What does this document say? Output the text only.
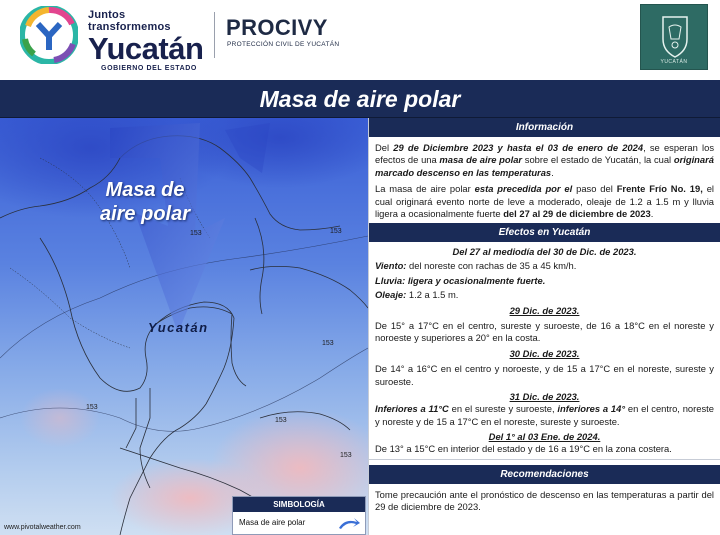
Juntos transformemos
Yucatán
GOBIERNO DEL ESTADO
PROCIVY
PROTECCIÓN CIVIL DE YUCATÁN
YUCATÁN
Masa de aire polar
Masa de
aire polar
Yucatán
153	153
153
153
153
153
www.pivotalweather.com
SIMBOLOGÍA
Masa de aire polar
Información

Del 29 de Diciembre 2023 y hasta el 03 de enero de 2024, se esperan los efectos de una masa de aire polar sobre el estado de Yucatán, la cual originará marcado descenso en las temperaturas.

La masa de aire polar esta precedida por el paso del Frente Frío No. 19, el cual originará evento norte de leve a moderado, oleaje de 1.2 a 1.5 m y lluvia ligera a ocasionalmente fuerte del 27 al 29 de diciembre de 2023.

Efectos en Yucatán
Del 27 al mediodía del 30 de Dic. de 2023.

Viento: del noreste con rachas de 35 a 45 km/h.

Lluvia: ligera y ocasionalmente fuerte.

Oleaje: 1.2 a 1.5 m.

29 Dic. de 2023.

De 15° a 17°C en el centro, sureste y suroeste, de 16 a 18°C en el noreste y noroeste y superiores a 20° en la costa.

30 Dic. de 2023.

De 14° a 16°C en el centro y noroeste, y de 15 a 17°C en el noreste, sureste y suroeste.

31 Dic. de 2023.

Inferiores a 11°C en el sureste y suroeste, inferiores a 14° en el centro, noreste y noreste y de 15 a 17°C en el noreste, sureste y suroeste.

Del 1° al 03 Ene. de 2024.

De 13° a 15°C en interior del estado y de 16 a 19°C en la zona costera.

Recomendaciones

Tome precaución ante el pronóstico de descenso en las temperaturas a partir del 29 de diciembre de 2023.
